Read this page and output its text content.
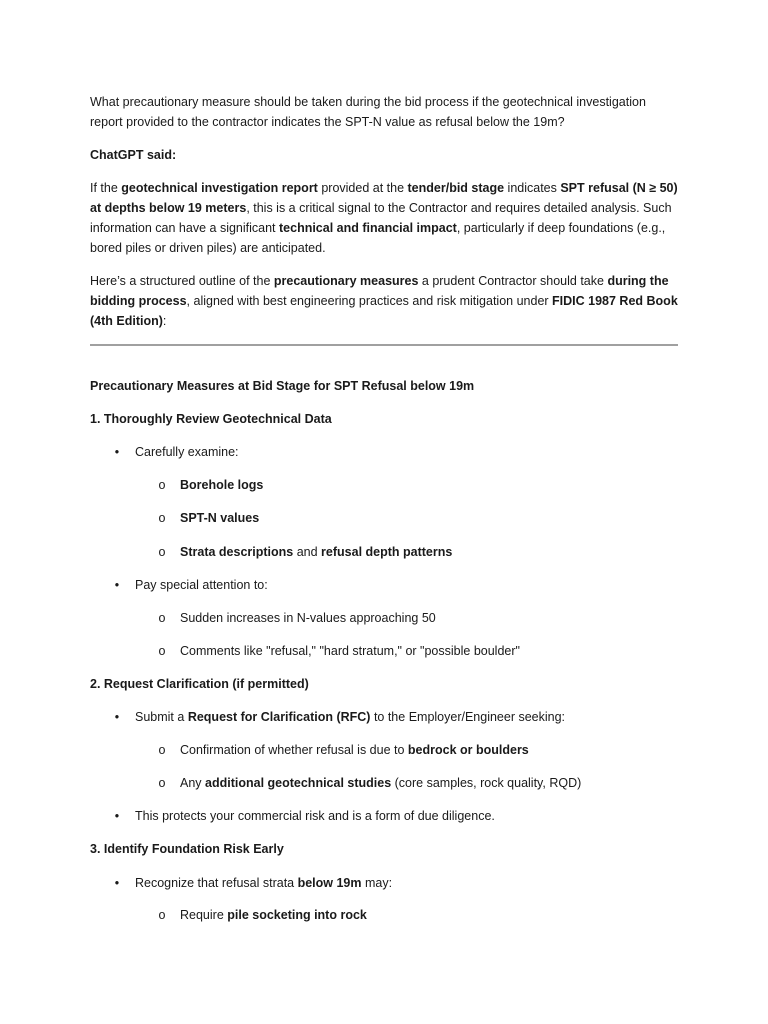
What precautionary measure should be taken during the bid process if the geotechnical investigation
report provided to the contractor indicates the SPT-N value as refusal below the 19m?
ChatGPT said:
If the geotechnical investigation report provided at the tender/bid stage indicates SPT refusal (N ≥ 50)
at depths below 19 meters, this is a critical signal to the Contractor and requires detailed analysis. Such
information can have a significant technical and financial impact, particularly if deep foundations (e.g.,
bored piles or driven piles) are anticipated.
Here’s a structured outline of the precautionary measures a prudent Contractor should take during the
bidding process, aligned with best engineering practices and risk mitigation under FIDIC 1987 Red Book
(4th Edition):
Precautionary Measures at Bid Stage for SPT Refusal below 19m
1. Thoroughly Review Geotechnical Data
• Carefully examine:
o Borehole logs
o SPT-N values
o Strata descriptions and refusal depth patterns
• Pay special attention to:
o Sudden increases in N-values approaching 50
o Comments like "refusal," "hard stratum," or "possible boulder"
2. Request Clarification (if permitted)
• Submit a Request for Clarification (RFC) to the Employer/Engineer seeking:
o Confirmation of whether refusal is due to bedrock or boulders
o Any additional geotechnical studies (core samples, rock quality, RQD)
• This protects your commercial risk and is a form of due diligence.
3. Identify Foundation Risk Early
• Recognize that refusal strata below 19m may:
o Require pile socketing into rock
